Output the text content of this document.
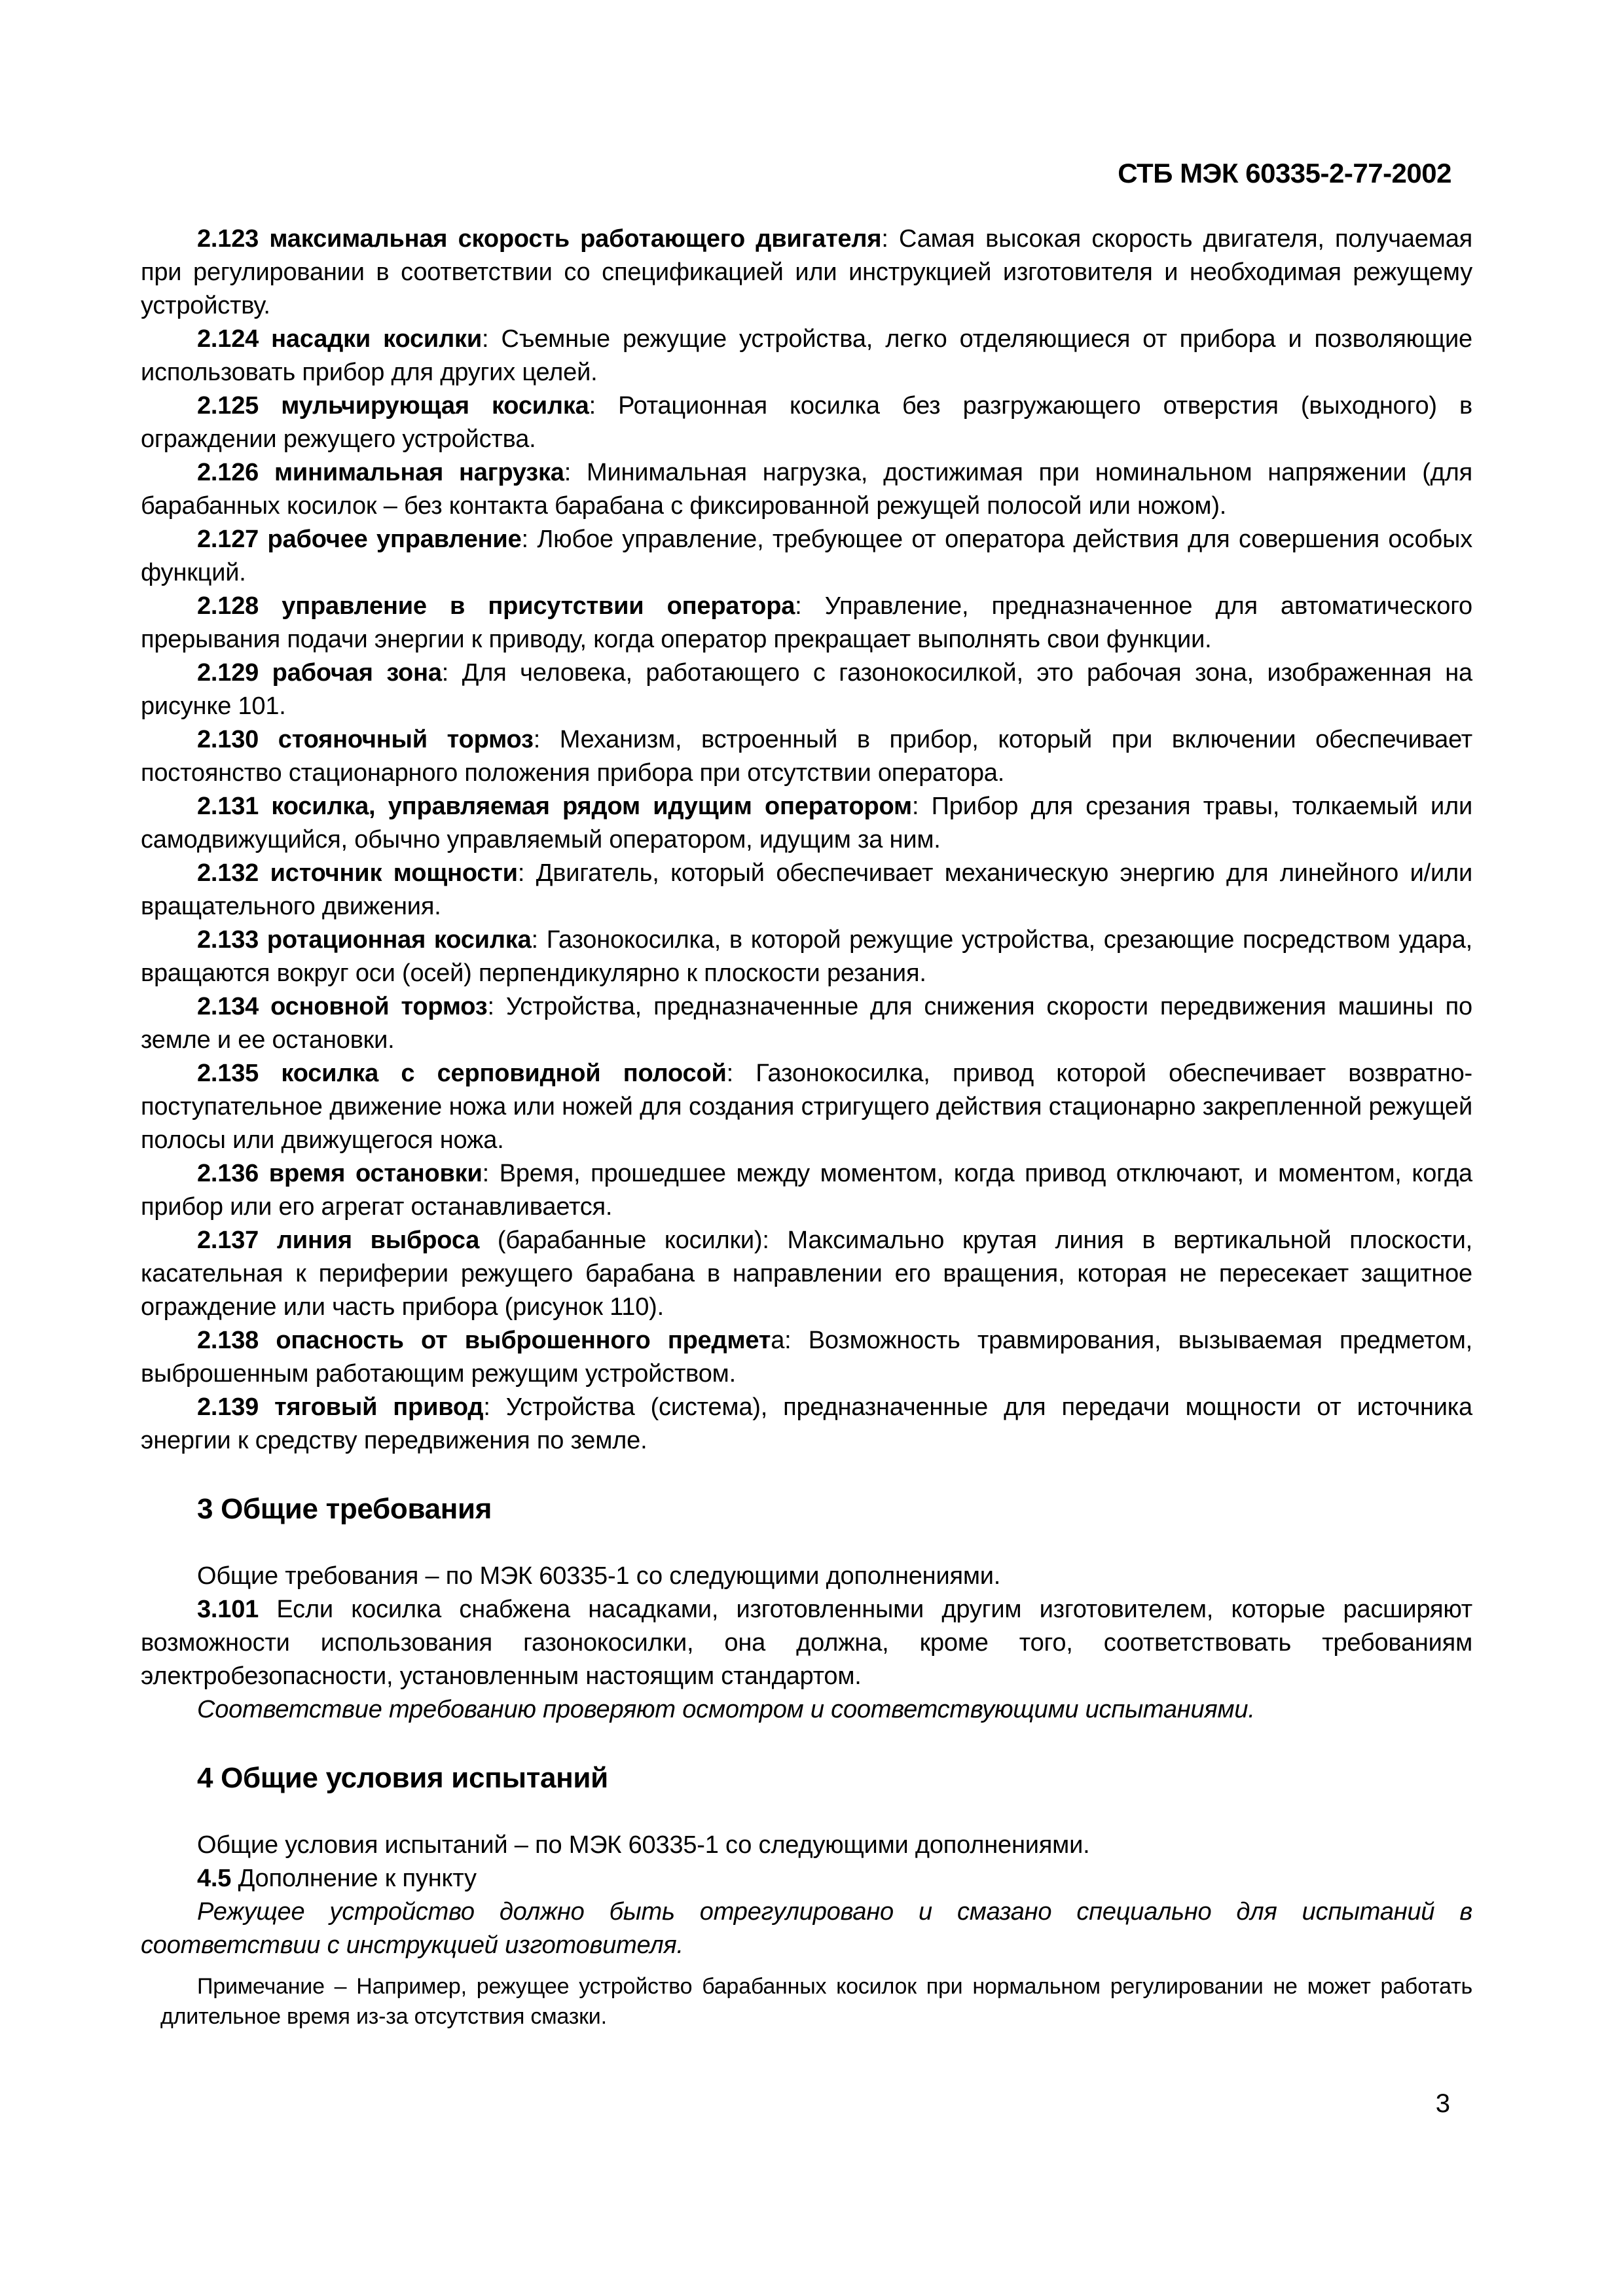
СТБ МЭК 60335-2-77-2002

2.123 максимальная скорость работающего двигателя: Самая высокая скорость двигателя, получаемая при регулировании в соответствии со спецификацией или инструкцией изготовителя и необходимая режущему устройству.

2.124 насадки косилки: Съемные режущие устройства, легко отделяющиеся от прибора и позволяющие использовать прибор для других целей.

2.125 мульчирующая косилка: Ротационная косилка без разгружающего отверстия (выходного) в ограждении режущего устройства.

2.126 минимальная нагрузка: Минимальная нагрузка, достижимая при номинальном напряжении (для барабанных косилок – без контакта барабана с фиксированной режущей полосой или ножом).

2.127 рабочее управление: Любое управление, требующее от оператора действия для совершения особых функций.

2.128 управление в присутствии оператора: Управление, предназначенное для автоматического прерывания подачи энергии к приводу, когда оператор прекращает выполнять свои функции.

2.129 рабочая зона: Для человека, работающего с газонокосилкой, это рабочая зона, изображенная на рисунке 101.

2.130 стояночный тормоз: Механизм, встроенный в прибор, который при включении обеспечивает постоянство стационарного положения прибора при отсутствии оператора.

2.131 косилка, управляемая рядом идущим оператором: Прибор для срезания травы, толкаемый или самодвижущийся, обычно управляемый оператором, идущим за ним.

2.132 источник мощности: Двигатель, который обеспечивает механическую энергию для линейного и/или вращательного движения.

2.133 ротационная косилка: Газонокосилка, в которой режущие устройства, срезающие посредством удара, вращаются вокруг оси (осей) перпендикулярно к плоскости резания.

2.134 основной тормоз: Устройства, предназначенные для снижения скорости передвижения машины по земле и ее остановки.

2.135 косилка с серповидной полосой: Газонокосилка, привод которой обеспечивает возвратно-поступательное движение ножа или ножей для создания стригущего действия стационарно закрепленной режущей полосы или движущегося ножа.

2.136 время остановки: Время, прошедшее между моментом, когда привод отключают, и моментом, когда прибор или его агрегат останавливается.

2.137 линия выброса (барабанные косилки): Максимально крутая линия в вертикальной плоскости, касательная к периферии режущего барабана в направлении его вращения, которая не пересекает защитное ограждение или часть прибора (рисунок 110).

2.138 опасность от выброшенного предмета: Возможность травмирования, вызываемая предметом, выброшенным работающим режущим устройством.

2.139 тяговый привод: Устройства (система), предназначенные для передачи мощности от источника энергии к средству передвижения по земле.

3 Общие требования

Общие требования – по МЭК 60335-1 со следующими дополнениями.

3.101 Если косилка снабжена насадками, изготовленными другим изготовителем, которые расширяют возможности использования газонокосилки, она должна, кроме того, соответствовать требованиям электробезопасности, установленным настоящим стандартом.

Соответствие требованию проверяют осмотром и соответствующими испытаниями.

4 Общие условия испытаний

Общие условия испытаний – по МЭК 60335-1 со следующими дополнениями.

4.5 Дополнение к пункту

Режущее устройство должно быть отрегулировано и смазано специально для испытаний в соответствии с инструкцией изготовителя.

Примечание – Например, режущее устройство барабанных косилок при нормальном регулировании не может работать длительное время из-за отсутствия смазки.

3
